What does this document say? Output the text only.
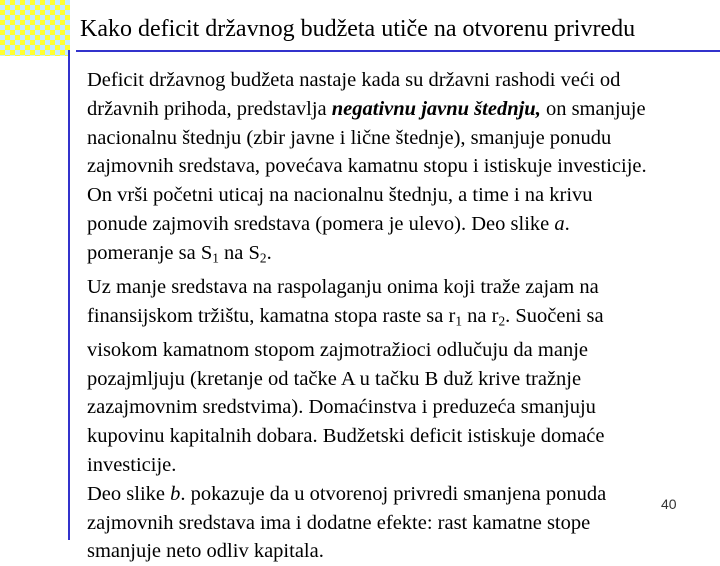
Kako deficit državnog budžeta utiče na otvorenu privredu
Deficit državnog budžeta nastaje kada su državni rashodi veći od
državnih prihoda, predstavlja negativnu javnu štednju, on smanjuje
nacionalnu štednju (zbir javne i lične štednje), smanjuje ponudu
zajmovnih sredstava, povećava kamatnu stopu i istiskuje investicije.
On vrši početni uticaj na nacionalnu štednju, a time i na krivu
ponude zajmovih sredstava (pomera je ulevo). Deo slike a.
pomeranje sa $S_1$ na $S_2$.
Uz manje sredstava na raspolaganju onima koji traže zajam na
finansijskom tržištu, kamatna stopa raste sa $r_1$ na $r_2$. Suočeni sa
visokom kamatnom stopom zajmotražioci odlučuju da manje
pozajmljuju (kretanje od tačke A u tačku B duž krive tražnje
zazajmovnim sredstvima). Domaćinstva i preduzeća smanjuju
kupovinu kapitalnih dobara. Budžetski deficit istiskuje domaće
investicije.
Deo slike b. pokazuje da u otvorenoj privredi smanjena ponuda
zajmovnih sredstava ima i dodatne efekte: rast kamatne stope
smanjuje neto odliv kapitala.
40
